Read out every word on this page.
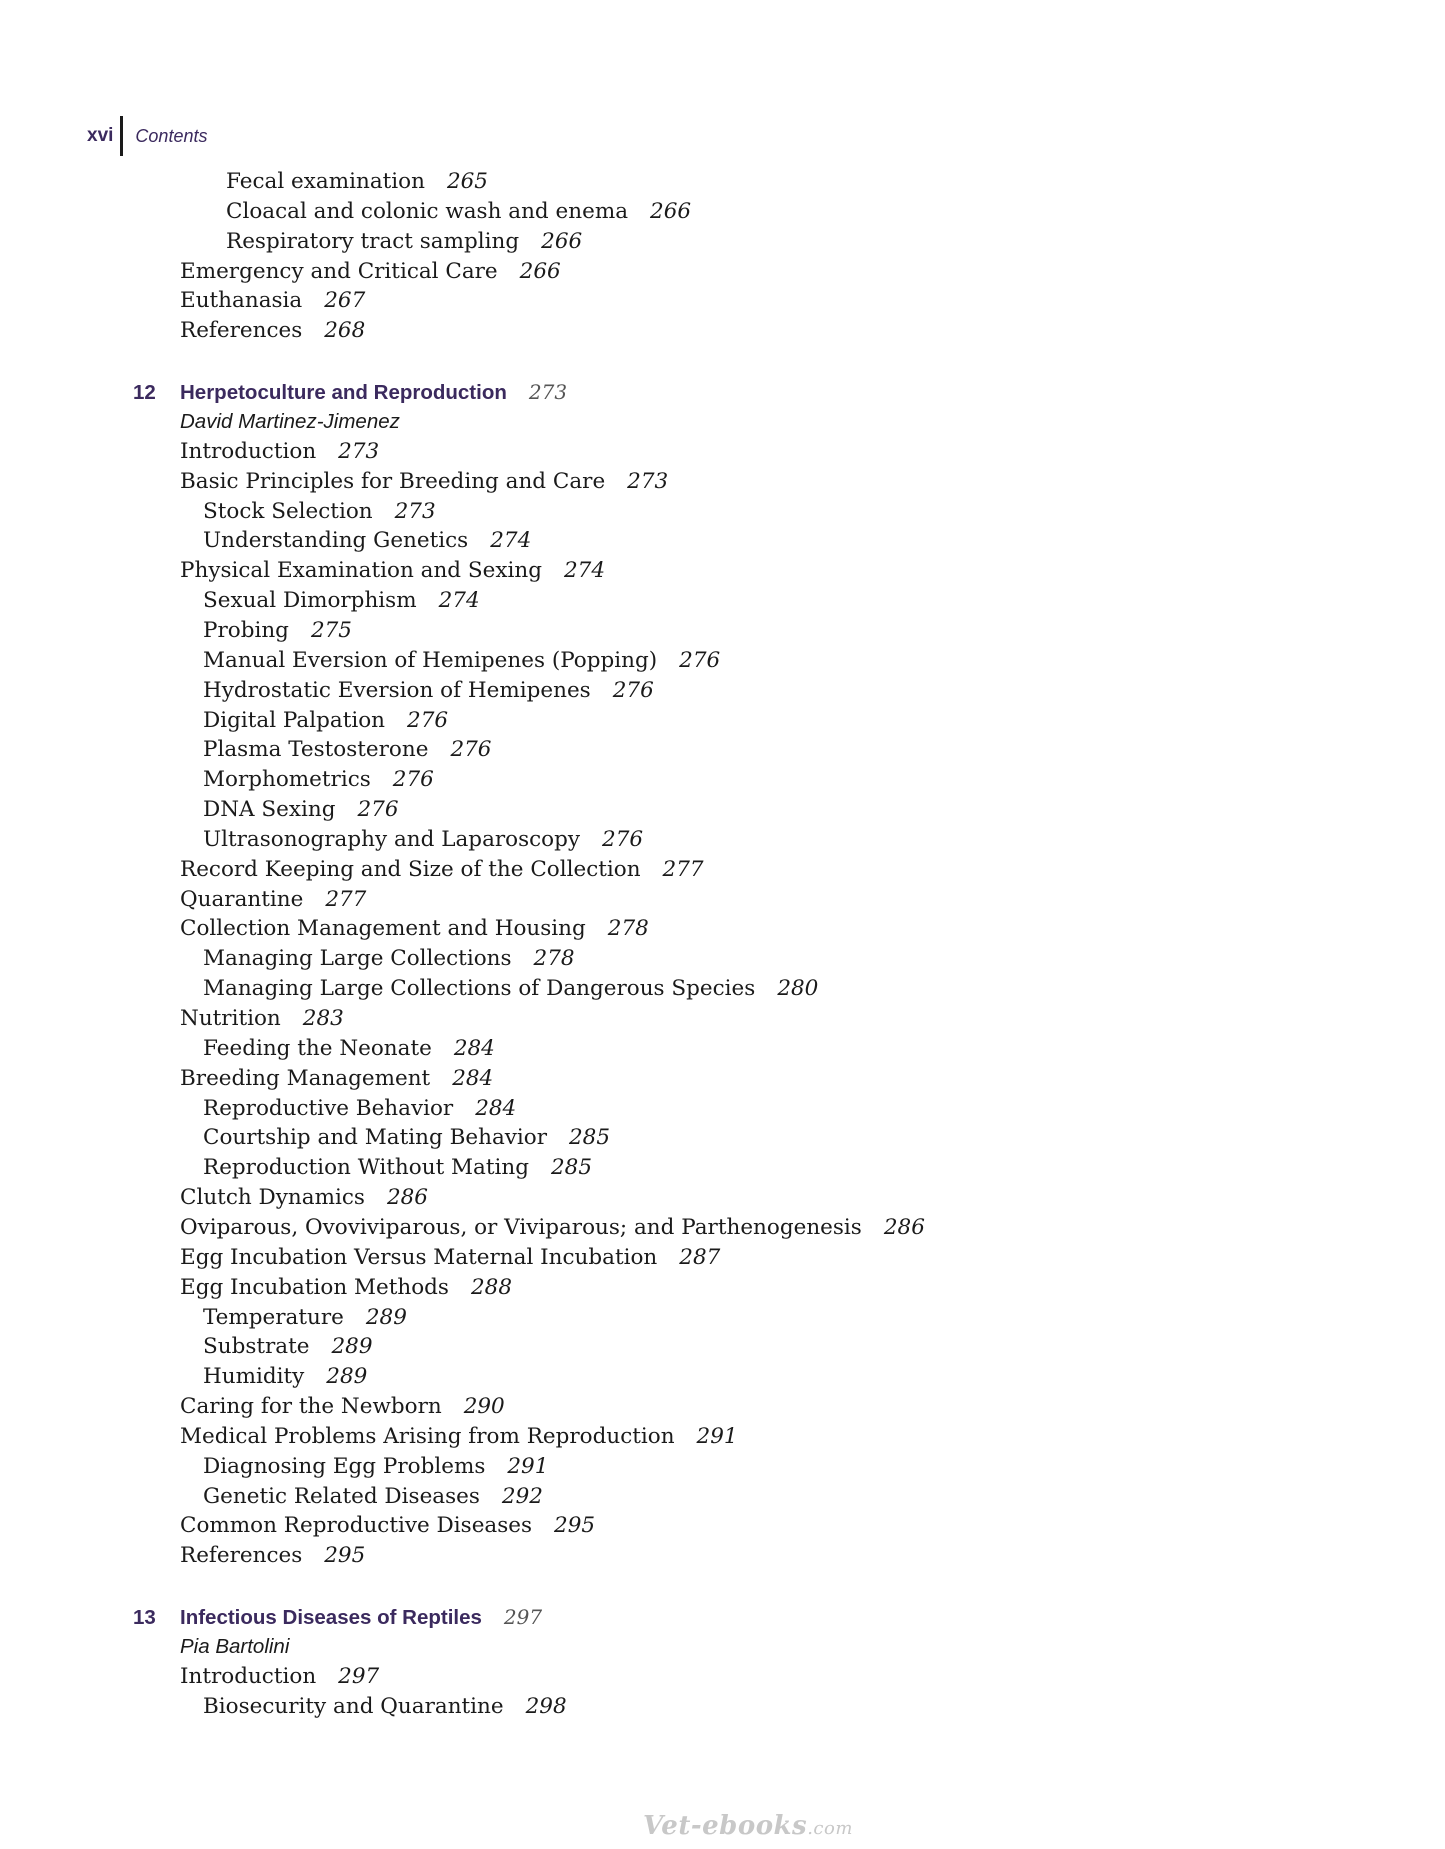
xvi	Contents
Fecal examination 265
Cloacal and colonic wash and enema 266
Respiratory tract sampling 266
Emergency and Critical Care 266
Euthanasia 267
References 268
12 Herpetoculture and Reproduction 273
David Martinez-Jimenez
Introduction 273
Basic Principles for Breeding and Care 273
Stock Selection 273
Understanding Genetics 274
Physical Examination and Sexing 274
Sexual Dimorphism 274
Probing 275
Manual Eversion of Hemipenes (Popping) 276
Hydrostatic Eversion of Hemipenes 276
Digital Palpation 276
Plasma Testosterone 276
Morphometrics 276
DNA Sexing 276
Ultrasonography and Laparoscopy 276
Record Keeping and Size of the Collection 277
Quarantine 277
Collection Management and Housing 278
Managing Large Collections 278
Managing Large Collections of Dangerous Species 280
Nutrition 283
Feeding the Neonate 284
Breeding Management 284
Reproductive Behavior 284
Courtship and Mating Behavior 285
Reproduction Without Mating 285
Clutch Dynamics 286
Oviparous, Ovoviviparous, or Viviparous; and Parthenogenesis 286
Egg Incubation Versus Maternal Incubation 287
Egg Incubation Methods 288
Temperature 289
Substrate 289
Humidity 289
Caring for the Newborn 290
Medical Problems Arising from Reproduction 291
Diagnosing Egg Problems 291
Genetic Related Diseases 292
Common Reproductive Diseases 295
References 295
13 Infectious Diseases of Reptiles 297
Pia Bartolini
Introduction 297
Biosecurity and Quarantine 298
Vet-ebooks.com
